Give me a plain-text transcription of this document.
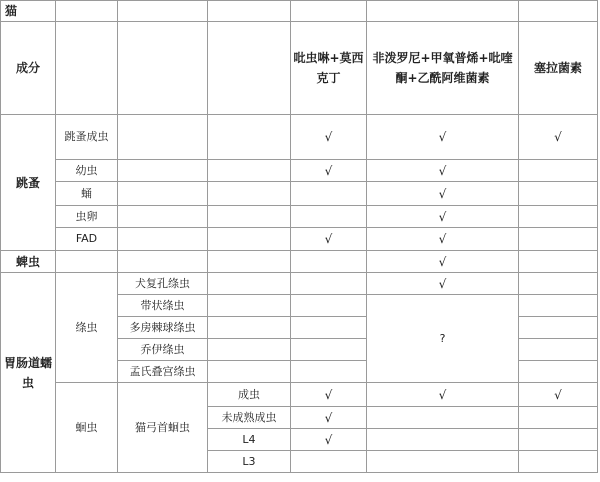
猫						
成分				吡虫啉+莫西克丁	非泼罗尼+甲氧普烯+吡喹酮+乙酰阿维菌素	塞拉菌素
跳蚤	跳蚤成虫			√	√	√
	幼虫			√	√	
	蛹				√	
	虫卵				√	
	FAD			√	√	
蜱虫					√	
胃肠道蠕虫	绦虫	犬复孔绦虫			√	
		带状绦虫			?	
		多房棘球绦虫				
		乔伊绦虫				
		孟氏叠宫绦虫				
	蛔虫	猫弓首蛔虫	成虫	√	√	√
			未成熟成虫	√		
			L4	√		
			L3			
